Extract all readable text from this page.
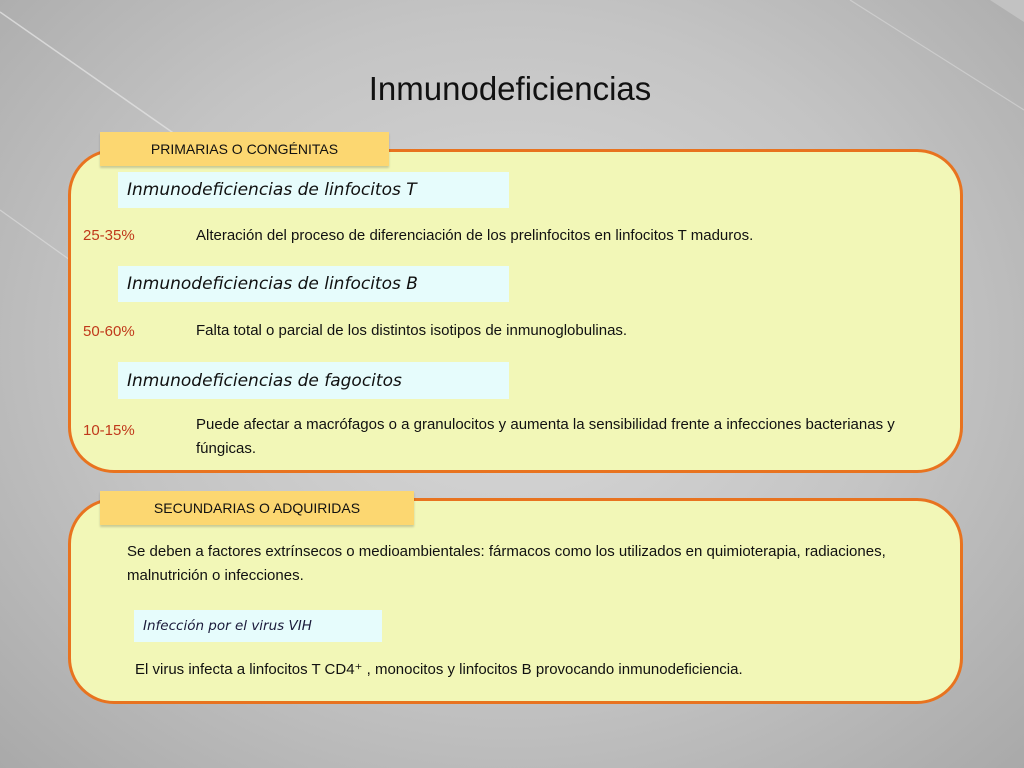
Inmunodeficiencias
PRIMARIAS O CONGÉNITAS
Inmunodeficiencias de linfocitos T
25-35%	Alteración del proceso de diferenciación de los prelinfocitos en linfocitos T maduros.
Inmunodeficiencias de linfocitos B
50-60%	Falta total o parcial de los distintos isotipos de inmunoglobulinas.
Inmunodeficiencias de fagocitos
10-15%	Puede afectar a macrófagos o a granulocitos y aumenta la sensibilidad frente a infecciones bacterianas y fúngicas.
SECUNDARIAS O ADQUIRIDAS
Se deben a factores extrínsecos o medioambientales: fármacos como los utilizados en quimioterapia, radiaciones, malnutrición o infecciones.
Infección por el virus VIH
El virus infecta a linfocitos T CD4⁺ , monocitos y linfocitos B provocando inmunodeficiencia.
